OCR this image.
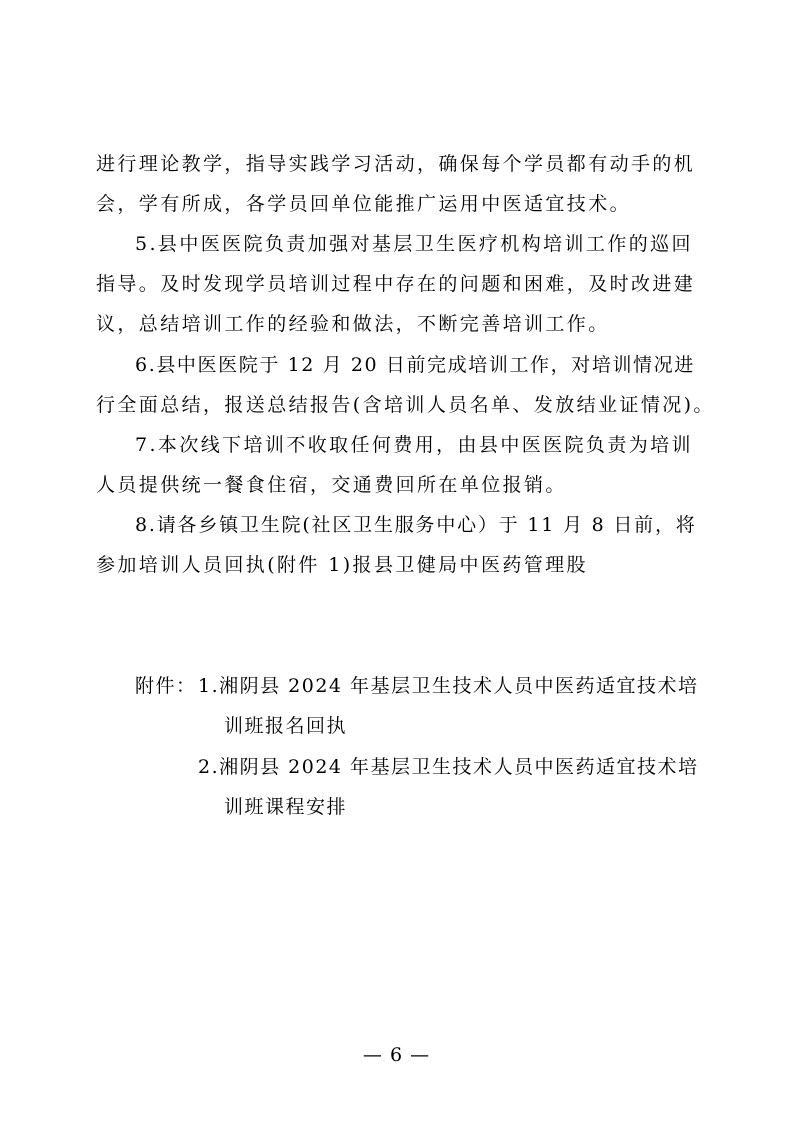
进行理论教学，指导实践学习活动，确保每个学员都有动手的机
会，学有所成，各学员回单位能推广运用中医适宜技术。
5.县中医医院负责加强对基层卫生医疗机构培训工作的巡回
指导。及时发现学员培训过程中存在的问题和困难，及时改进建
议，总结培训工作的经验和做法，不断完善培训工作。
6.县中医医院于 12 月 20 日前完成培训工作，对培训情况进
行全面总结，报送总结报告(含培训人员名单、发放结业证情况)。
7.本次线下培训不收取任何费用，由县中医医院负责为培训
人员提供统一餐食住宿，交通费回所在单位报销。
8.请各乡镇卫生院(社区卫生服务中心）于 11 月 8 日前，将
参加培训人员回执(附件 1)报县卫健局中医药管理股
附件： 1.湘阴县 2024 年基层卫生技术人员中医药适宜技术培
训班报名回执
2.湘阴县 2024 年基层卫生技术人员中医药适宜技术培
训班课程安排
— 6 —
